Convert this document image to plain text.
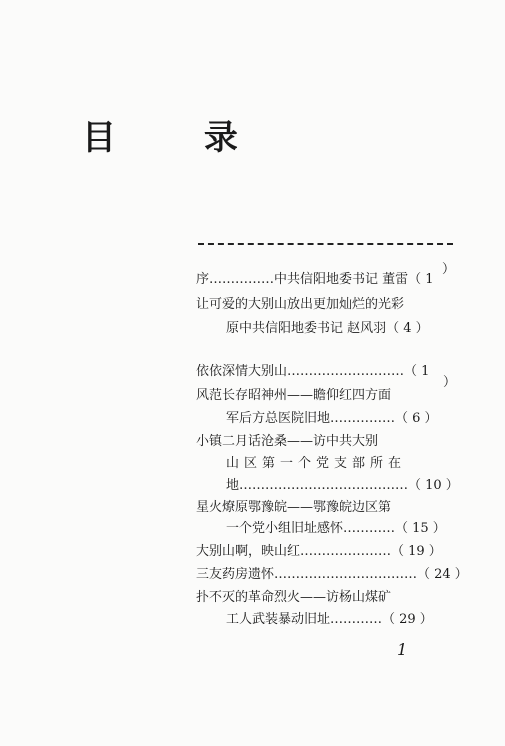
目 录
）
）
序……………中共信阳地委书记 董雷（ 1
让可爱的大别山放出更加灿烂的光彩
原中共信阳地委书记 赵风羽（ 4 ）
依依深情大别山………………………（ 1
风范长存昭神州——瞻仰红四方面
军后方总医院旧地……………（ 6 ）
小镇二月话沧桑——访中共大别
山区第一个党支部所在
地…………………………………（ 10 ）
星火燎原鄂豫皖——鄂豫皖边区第
一个党小组旧址感怀…………（ 15 ）
大别山啊，映山红…………………（ 19 ）
三友药房遗怀……………………………（ 24 ）
扑不灭的革命烈火——访杨山煤矿
工人武装暴动旧址…………（ 29 ）
1
